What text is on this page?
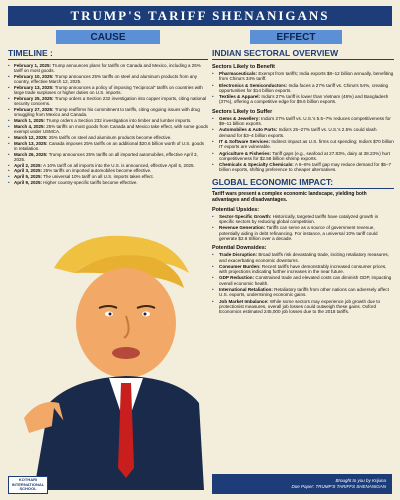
TRUMP'S TARIFF SHENANIGANS
CAUSE	EFFECT
TIMELINE :
• February 1, 2025: Trump announces plans for tariffs on Canada and Mexico, including a 25% tariff on most goods.
• February 10, 2025: Trump announces 25% tariffs on steel and aluminum products from any country, effective March 12, 2025.
• February 13, 2025: Trump announces a policy of imposing "reciprocal" tariffs on countries with large trade surpluses or higher duties on U.S. imports.
• February 25, 2025: Trump orders a Section 232 investigation into copper imports, citing national security concerns.
• February 27, 2025: Trump reaffirms his commitment to tariffs, citing ongoing issues with drug smuggling from Mexico and Canada.
• March 1, 2025: Trump orders a Section 232 investigation into timber and lumber imports.
• March 4, 2025: 25% tariffs on most goods from Canada and Mexico take effect, with some goods exempt under USMCA.
• March 12, 2025: 25% tariffs on steel and aluminum products become effective.
• March 13, 2025: Canada imposes 25% tariffs on an additional $20.6 billion worth of U.S. goods in retaliation.
• March 26, 2025: Trump announces 25% tariffs on all imported automobiles, effective April 3, 2025.
• April 2, 2025: A 10% tariff on all imports into the U.S. is announced, effective April 5, 2025.
• April 3, 2025: 25% tariffs on imported automobiles become effective.
• April 5, 2025: The universal 10% tariff on all U.S. imports takes effect.
• April 9, 2025: Higher country-specific tariffs become effective.
INDIAN SECTORAL OVERVIEW
Sectors Likely to Benefit
• Pharmaceuticals: Exempt from tariffs; India exports $8–12 billion annually, benefiting from China's 34% tariff.
• Electronics & Semiconductors: India faces a 27% tariff vs. China's 54%, creating opportunities for $14 billion exports.
• Textiles & Apparel: India's 27% tariff is lower than Vietnam (46%) and Bangladesh (37%), offering a competitive edge for $9.6 billion exports.
Sectors Likely to Suffer
• Gems & Jewellery: India's 27% tariff vs. U.S.'s 5.5–7% reduces competitiveness for $9–11 billion exports.
• Automobiles & Auto Parts: India's 25–27% tariff vs. U.S.'s 2.5% could slash demand for $3–4 billion exports.
• IT & Software Services: Indirect impact as U.S. firms cut spending; India's $70 billion IT exports are vulnerable.
• Agriculture & Fisheries: Tariff gaps (e.g., seafood at 27.83%, dairy at 38.23%) hurt competitiveness for $2.58 billion shrimp exports.
• Chemicals & Specialty Chemicals: A 6–8% tariff gap may reduce demand for $5–7 billion exports, shifting preference to cheaper alternatives.
GLOBAL ECONOMIC IMPACT:
Tariff wars present a complex economic landscape, yielding both advantages and disadvantages.
Potential Upsides:
• Sector-Specific Growth: Historically, targeted tariffs have catalyzed growth in specific sectors by reducing global competition.
• Revenue Generation: Tariffs can serve as a source of government revenue, potentially aiding in debt refinancing. For instance, a universal 10% tariff could generate $2.6 trillion over a decade.
Potential Downsides:
• Trade Disruption: Broad tariffs risk devastating trade, inciting retaliatory measures, and exacerbating economic downturns.
• Consumer Burden: Recent tariffs have demonstrably increased consumer prices, with projections indicating further increases in the near future.
• GDP Reduction: Constrained trade and elevated costs can diminish GDP, impacting overall economic health.
• International Retaliation: Retaliatory tariffs from other nations can adversely affect U.S. exports, undermining economic gains.
• Job Market Imbalance: While some sectors may experience job growth due to protectionist measures, overall job losses could outweigh these gains. Oxford Economics estimated 245,000 job losses due to the 2018 tariffs.
KOTHARI INTERNATIONAL SCHOOL
Brought to you by Krijuna
Doe Paper: TRUMP'S TARIFFS SHENANIGAN
